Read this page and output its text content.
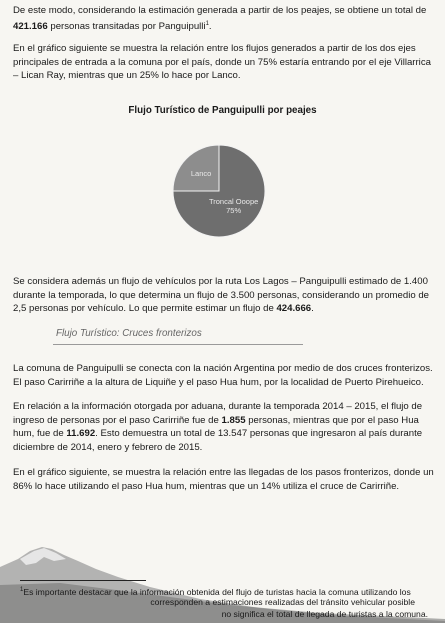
De este modo, considerando la estimación generada a partir de los peajes, se obtiene un total de 421.166 personas transitadas por Panguipulli$^1$.

En el gráfico siguiente se muestra la relación entre los flujos generados a partir de los dos ejes principales de entrada a la comuna por el país, donde un 75% estaría entrando por el eje Villarrica – Lican Ray, mientras que un 25% lo hace por Lanco.

Flujo Turístico de Panguipulli por peajes
Troncal Ooope
75%
Lanco

Se considera además un flujo de vehículos por la ruta Los Lagos – Panguipulli estimado de 1.400 durante la temporada, lo que determina un flujo de 3.500 personas, considerando un promedio de 2,5 personas por vehículo. Lo que permite estimar un flujo de 424.666.

Flujo Turístico: Cruces fronterizos

La comuna de Panguipulli se conecta con la nación Argentina por medio de dos cruces fronterizos. El paso Carirriñe a la altura de Liquiñe y el paso Hua hum, por la localidad de Puerto Pirehueico.

En relación a la información otorgada por aduana, durante la temporada 2014 – 2015, el flujo de ingreso de personas por el paso Carirriñe fue de 1.855 personas, mientras que por el paso Hua hum, fue de 11.692. Esto demuestra un total de 13.547 personas que ingresaron al país durante diciembre de 2014, enero y febrero de 2015.

En el gráfico siguiente, se muestra la relación entre las llegadas de los pasos fronterizos, donde un 86% lo hace utilizando el paso Hua hum, mientras que un 14% utiliza el cruce de Carirriñe.

$^1$Es importante destacar que la información obtenida del flujo de turistas hacia la comuna utilizando los
corresponden a estimaciones realizadas del tránsito vehicular posible
no significa el total de llegada de turistas a la comuna.
